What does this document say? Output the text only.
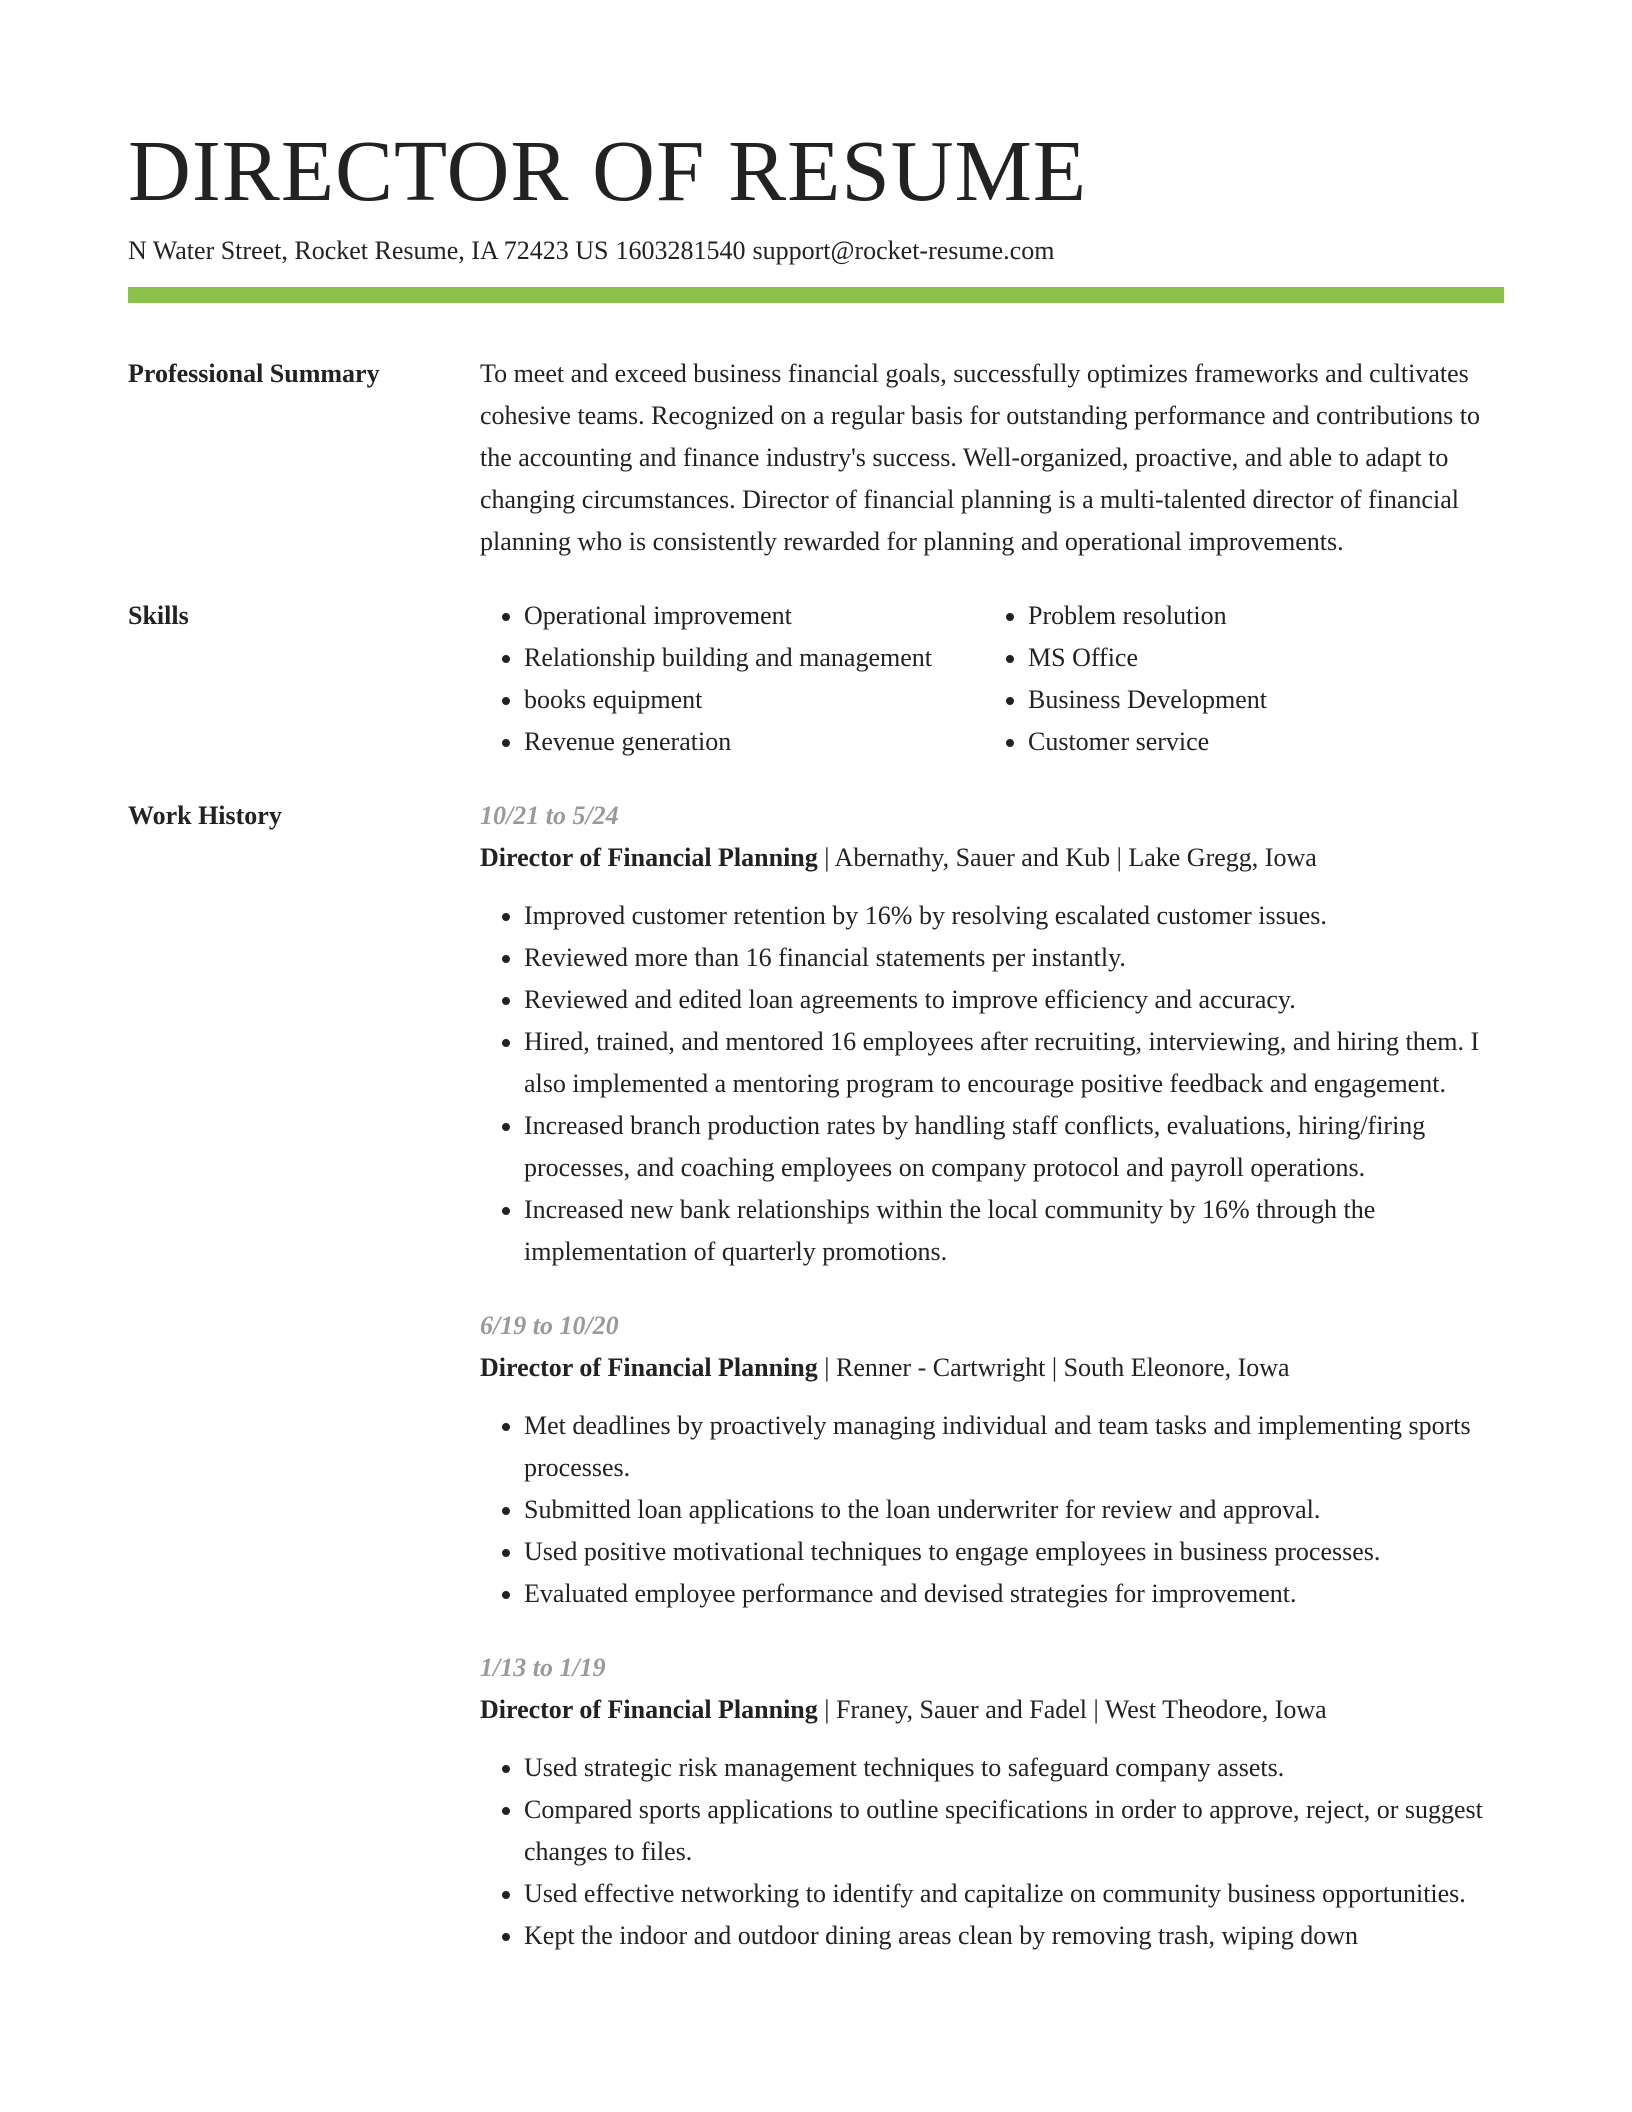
DIRECTOR OF RESUME
N Water Street, Rocket Resume, IA 72423 US 1603281540 support@rocket-resume.com
Professional Summary	To meet and exceed business financial goals, successfully optimizes frameworks and cultivates cohesive teams. Recognized on a regular basis for outstanding performance and contributions to the accounting and finance industry's success. Well-organized, proactive, and able to adapt to changing circumstances. Director of financial planning is a multi-talented director of financial planning who is consistently rewarded for planning and operational improvements.

Skills
•	Operational improvement
• Relationship building and management
• books equipment
• Revenue generation
• Problem resolution
• MS Office
• Business Development
• Customer service
Work History	10/21 to 5/24
Director of Financial Planning | Abernathy, Sauer and Kub | Lake Gregg, Iowa
• Improved customer retention by 16% by resolving escalated customer issues.
• Reviewed more than 16 financial statements per instantly.
• Reviewed and edited loan agreements to improve efficiency and accuracy.
• Hired, trained, and mentored 16 employees after recruiting, interviewing, and hiring them. I also implemented a mentoring program to encourage positive feedback and engagement.
• Increased branch production rates by handling staff conflicts, evaluations, hiring/firing processes, and coaching employees on company protocol and payroll operations.
• Increased new bank relationships within the local community by 16% through the implementation of quarterly promotions.
6/19 to 10/20
Director of Financial Planning | Renner - Cartwright | South Eleonore, Iowa
• Met deadlines by proactively managing individual and team tasks and implementing sports processes.
• Submitted loan applications to the loan underwriter for review and approval.
• Used positive motivational techniques to engage employees in business processes.
• Evaluated employee performance and devised strategies for improvement.
1/13 to 1/19
Director of Financial Planning | Franey, Sauer and Fadel | West Theodore, Iowa
• Used strategic risk management techniques to safeguard company assets.
• Compared sports applications to outline specifications in order to approve, reject, or suggest changes to files.
• Used effective networking to identify and capitalize on community business opportunities.
• Kept the indoor and outdoor dining areas clean by removing trash, wiping down
